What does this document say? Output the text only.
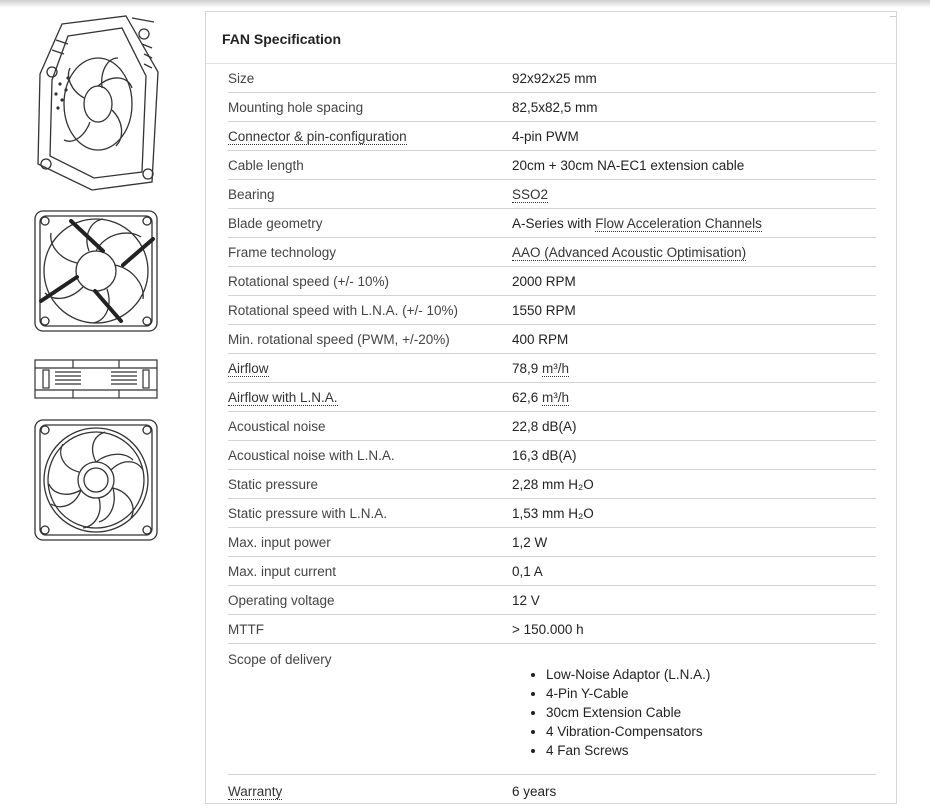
FAN Specification
Size	92x92x25 mm
Mounting hole spacing	82,5x82,5 mm
Connector & pin-configuration	4-pin PWM
Cable length	20cm + 30cm NA-EC1 extension cable
Bearing	SSO2
Blade geometry	A-Series with Flow Acceleration Channels
Frame technology	AAO (Advanced Acoustic Optimisation)
Rotational speed (+/- 10%)	2000 RPM
Rotational speed with L.N.A. (+/- 10%)	1550 RPM
Min. rotational speed (PWM, +/-20%)	400 RPM
Airflow	78,9 m³/h
Airflow with L.N.A.	62,6 m³/h
Acoustical noise	22,8 dB(A)
Acoustical noise with L.N.A.	16,3 dB(A)
Static pressure	2,28 mm H₂O
Static pressure with L.N.A.	1,53 mm H₂O
Max. input power	1,2 W
Max. input current	0,1 A
Operating voltage	12 V
MTTF	> 150.000 h
Scope of delivery
• Low-Noise Adaptor (L.N.A.)
• 4-Pin Y-Cable
• 30cm Extension Cable
• 4 Vibration-Compensators
• 4 Fan Screws
Warranty	6 years
